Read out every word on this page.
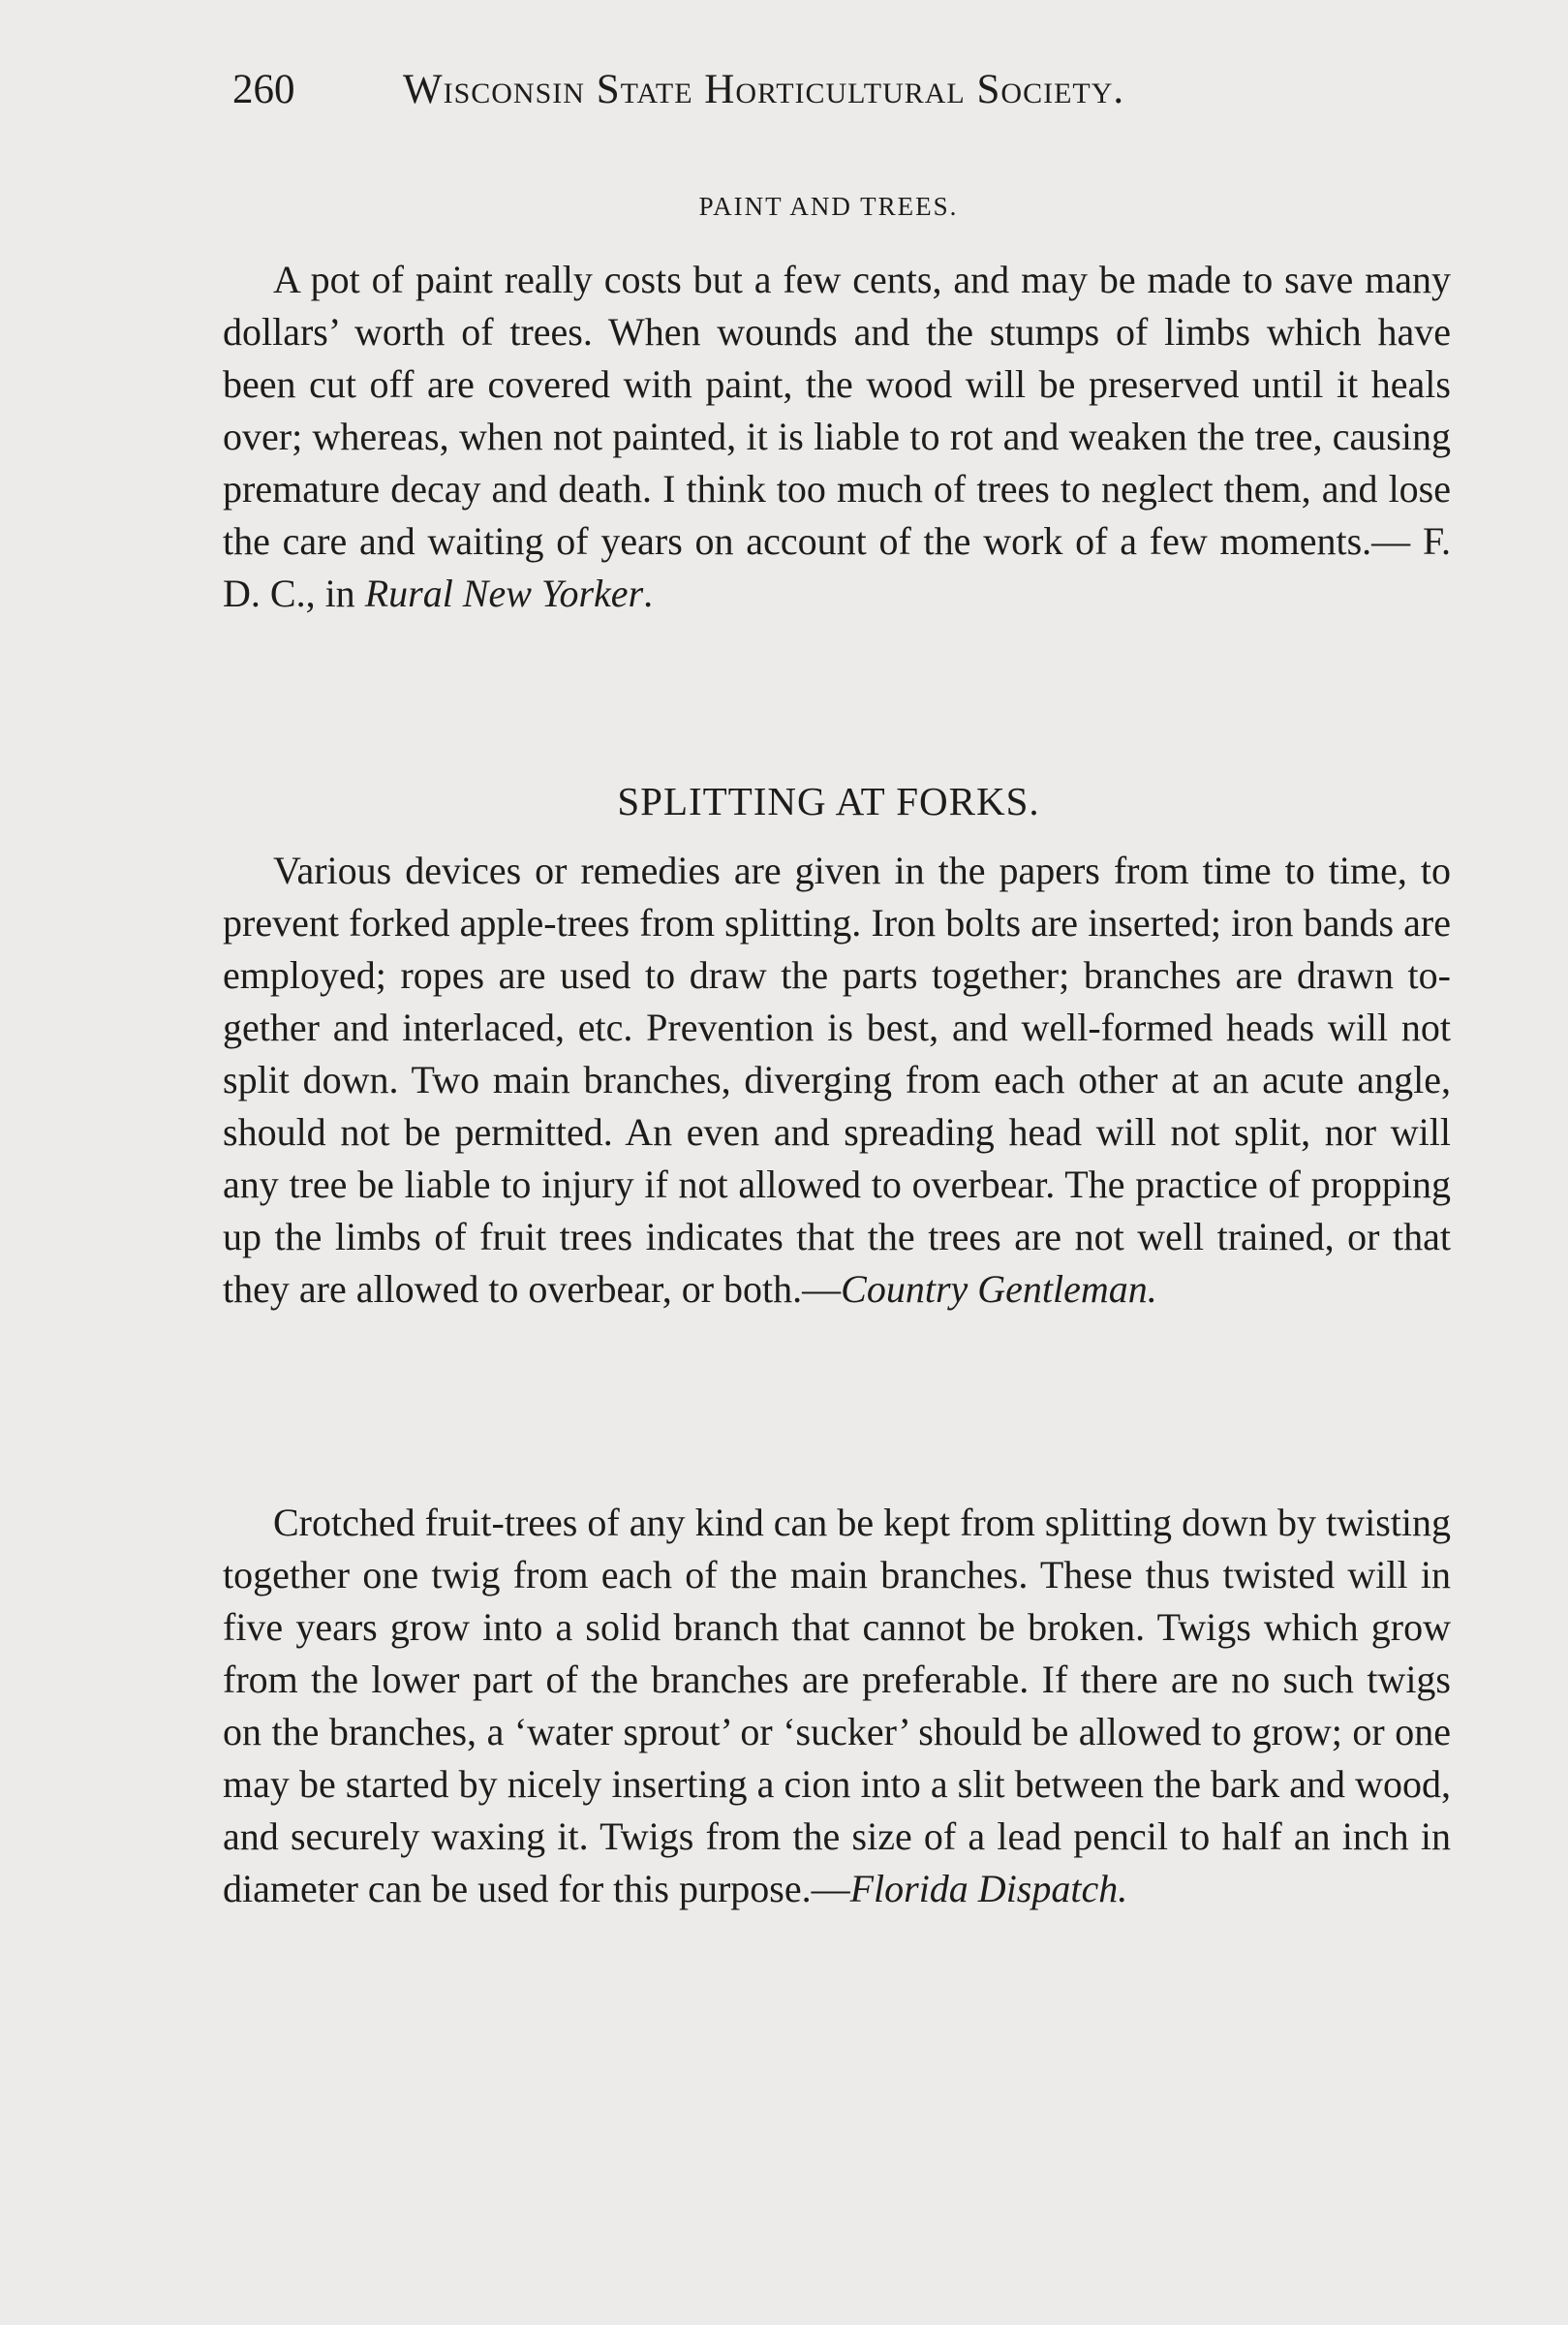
260	Wisconsin State Horticultural Society.
PAINT AND TREES.
A pot of paint really costs but a few cents, and may be made to save many dollars’ worth of trees. When wounds and the stumps of limbs which have been cut off are covered with paint, the wood will be preserved until it heals over; whereas, when not painted, it is liable to rot and weaken the tree, causing premature decay and death. I think too much of trees to neglect them, and lose the care and waiting of years on account of the work of a few moments.— F. D. C., in Rural New Yorker.
SPLITTING AT FORKS.
Various devices or remedies are given in the papers from time to time, to prevent forked apple-trees from splitting. Iron bolts are inserted; iron bands are employed; ropes are used to draw the parts together; branches are drawn together and interlaced, etc. Prevention is best, and well-formed heads will not split down. Two main branches, diverging from each other at an acute angle, should not be permitted. An even and spreading head will not split, nor will any tree be liable to injury if not allowed to overbear. The practice of propping up the limbs of fruit trees indicates that the trees are not well trained, or that they are allowed to overbear, or both.—Country Gentleman.
Crotched fruit-trees of any kind can be kept from splitting down by twisting together one twig from each of the main branches. These thus twisted will in five years grow into a solid branch that cannot be broken. Twigs which grow from the lower part of the branches are preferable. If there are no such twigs on the branches, a ‘water sprout’ or ‘sucker’ should be allowed to grow; or one may be started by nicely inserting a cion into a slit between the bark and wood, and securely waxing it. Twigs from the size of a lead pencil to half an inch in diameter can be used for this purpose.—Florida Dispatch.
